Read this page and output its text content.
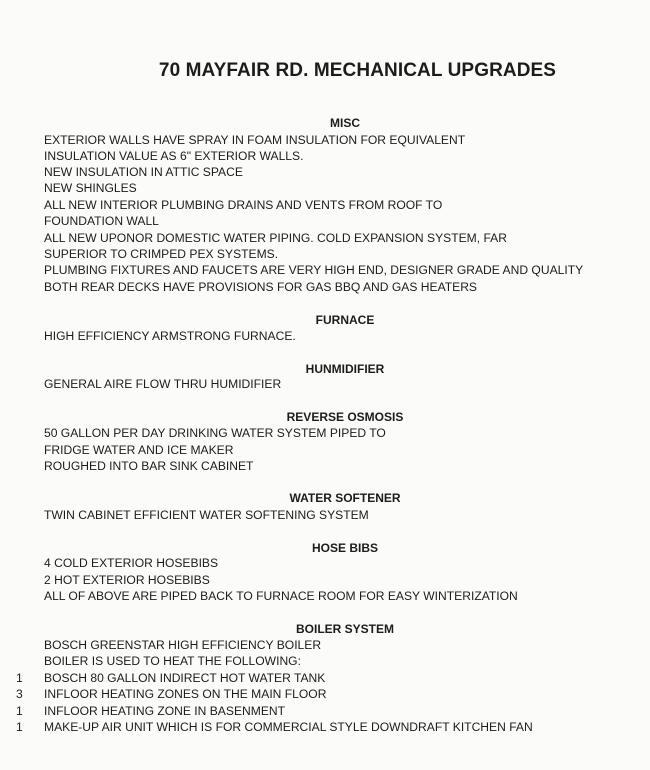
70 MAYFAIR RD. MECHANICAL UPGRADES
MISC
EXTERIOR WALLS HAVE SPRAY IN FOAM INSULATION FOR EQUIVALENT
INSULATION VALUE AS 6" EXTERIOR WALLS.
NEW INSULATION IN ATTIC SPACE
NEW SHINGLES
ALL NEW INTERIOR PLUMBING DRAINS AND VENTS FROM ROOF TO
FOUNDATION WALL
ALL NEW UPONOR DOMESTIC WATER PIPING. COLD EXPANSION SYSTEM, FAR
SUPERIOR TO CRIMPED PEX SYSTEMS.
PLUMBING FIXTURES AND FAUCETS ARE VERY HIGH END, DESIGNER GRADE AND QUALITY
BOTH REAR DECKS HAVE PROVISIONS FOR GAS BBQ AND GAS HEATERS
FURNACE
HIGH EFFICIENCY ARMSTRONG FURNACE.
HUNMIDIFIER
GENERAL AIRE FLOW THRU HUMIDIFIER
REVERSE OSMOSIS
50 GALLON PER DAY DRINKING WATER SYSTEM PIPED TO
FRIDGE WATER AND ICE MAKER
ROUGHED INTO BAR SINK CABINET
WATER SOFTENER
TWIN CABINET EFFICIENT WATER SOFTENING SYSTEM
HOSE BIBS
4 COLD EXTERIOR HOSEBIBS
2 HOT EXTERIOR HOSEBIBS
ALL OF ABOVE ARE PIPED BACK TO FURNACE ROOM FOR EASY WINTERIZATION
BOILER SYSTEM
BOSCH GREENSTAR HIGH EFFICIENCY BOILER
BOILER IS USED TO HEAT THE FOLLOWING:
1 BOSCH 80 GALLON INDIRECT HOT WATER TANK
3 INFLOOR HEATING ZONES ON THE MAIN FLOOR
1 INFLOOR HEATING ZONE IN BASENMENT
1 MAKE-UP AIR UNIT WHICH IS FOR COMMERCIAL STYLE DOWNDRAFT KITCHEN FAN
